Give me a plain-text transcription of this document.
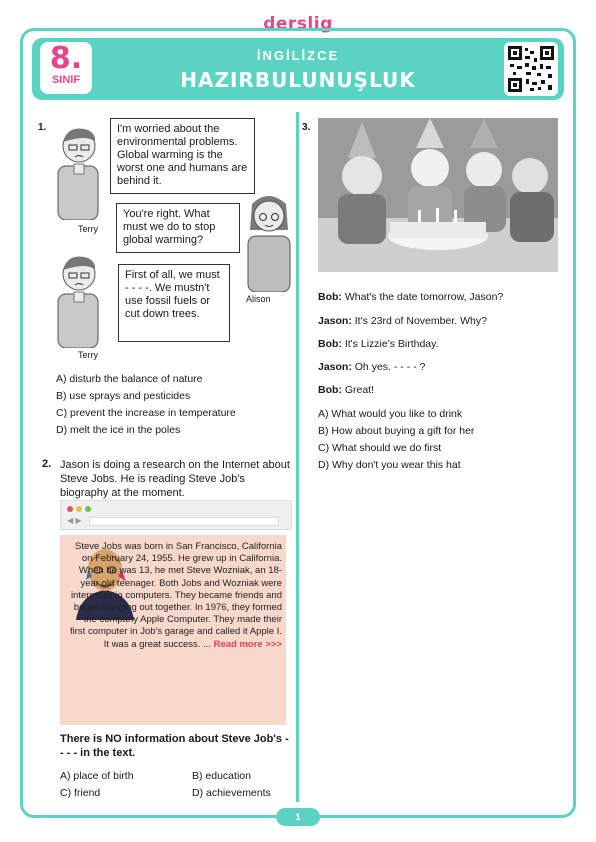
derslig
8.
SINIF
İNGİLİZCE
HAZIRBULUNUŞLUK
1.
Terry
I'm worried about the environmental problems. Global warming is the worst one and humans are behind it.
Alison
You're right. What must we do to stop global warming?
Terry
First of all, we must - - - -. We mustn't use fossil fuels or cut down trees.
A) disturb the balance of nature
B) use sprays and pesticides
C) prevent the increase in temperature
D) melt the ice in the poles
2. Jason is doing a research on the Internet about Steve Jobs. He is reading Steve Job's biography at the moment.
◀ ▶
Steve Jobs was born in San Francisco, California on February 24, 1955. He grew up in California. When he was 13, he met Steve Wozniak, an 18-year old teenager. Both Jobs and Wozniak were interested in computers. They became friends and began hanging out together. In 1976, they formed the company Apple Computer. They made their first computer in Job's garage and called it Apple I. It was a great success. ... Read more >>>
There is NO information about Steve Job's - - - - in the text.
A) place of birth	B) education
C) friend	D) achievements
3.
Bob: What's the date tomorrow, Jason?
Jason: It's 23rd of November. Why?
Bob: It's Lizzie's Birthday.
Jason: Oh yes. - - - - ?
Bob: Great!
A) What would you like to drink
B) How about buying a gift for her
C) What should we do first
D) Why don't you wear this hat
1
